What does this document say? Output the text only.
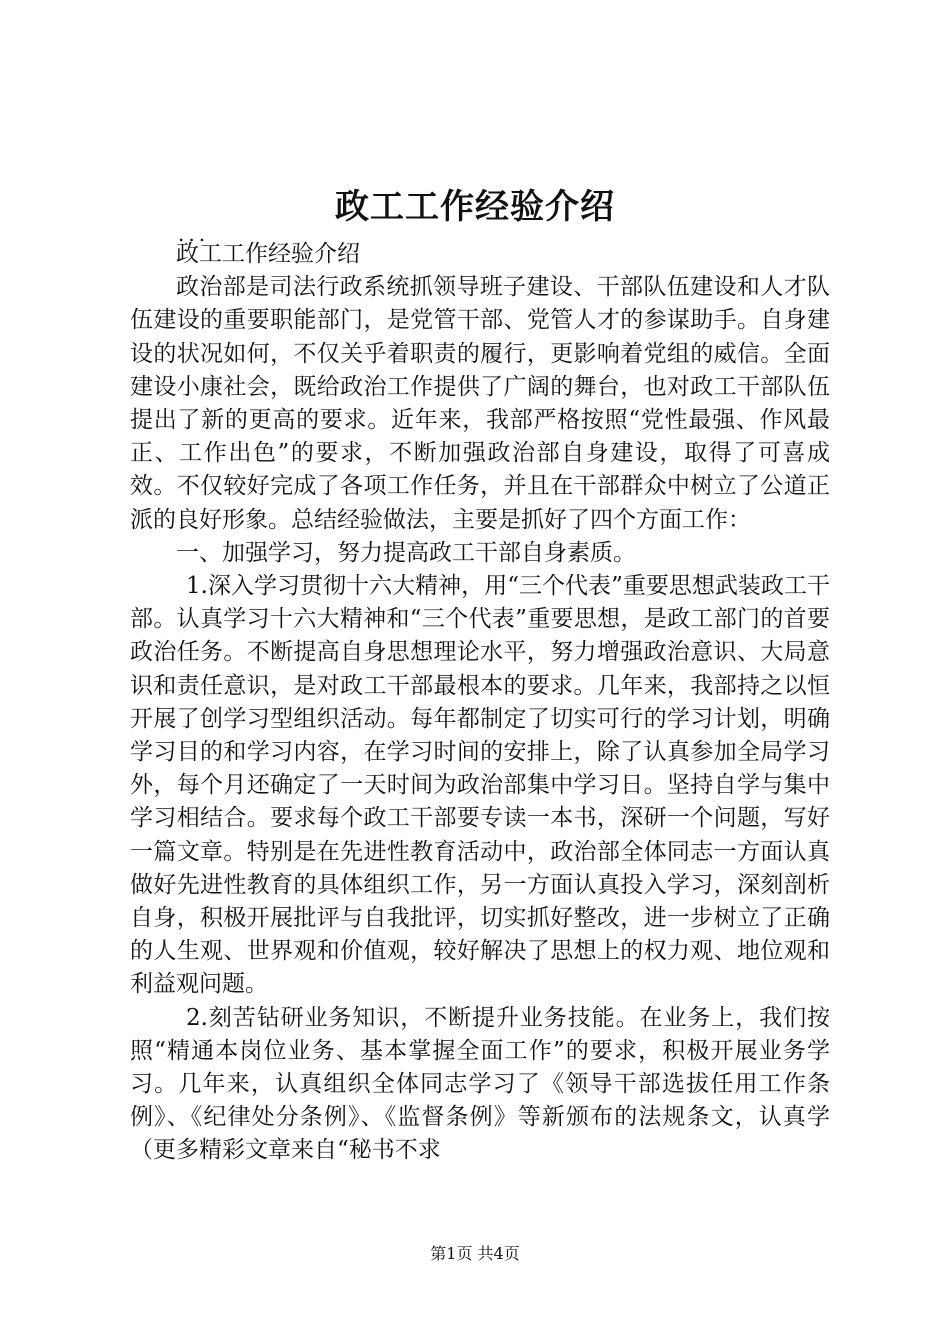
政工工作经验介绍
...

政工工作经验介绍

政治部是司法行政系统抓领导班子建设、干部队伍建设和人才队伍建设的重要职能部门，是党管干部、党管人才的参谋助手。自身建设的状况如何，不仅关乎着职责的履行，更影响着党组的威信。全面建设小康社会，既给政治工作提供了广阔的舞台，也对政工干部队伍提出了新的更高的要求。近年来，我部严格按照“党性最强、作风最正、工作出色”的要求，不断加强政治部自身建设，取得了可喜成效。不仅较好完成了各项工作任务，并且在干部群众中树立了公道正派的良好形象。总结经验做法，主要是抓好了四个方面工作：

一、加强学习，努力提高政工干部自身素质。

1.深入学习贯彻十六大精神，用“三个代表”重要思想武装政工干部。认真学习十六大精神和“三个代表”重要思想，是政工部门的首要政治任务。不断提高自身思想理论水平，努力增强政治意识、大局意识和责任意识，是对政工干部最根本的要求。几年来，我部持之以恒开展了创学习型组织活动。每年都制定了切实可行的学习计划，明确学习目的和学习内容，在学习时间的安排上，除了认真参加全局学习外，每个月还确定了一天时间为政治部集中学习日。坚持自学与集中学习相结合。要求每个政工干部要专读一本书，深研一个问题，写好一篇文章。特别是在先进性教育活动中，政治部全体同志一方面认真做好先进性教育的具体组织工作，另一方面认真投入学习，深刻剖析自身，积极开展批评与自我批评，切实抓好整改，进一步树立了正确的人生观、世界观和价值观，较好解决了思想上的权力观、地位观和利益观问题。

2.刻苦钻研业务知识，不断提升业务技能。在业务上，我们按照“精通本岗位业务、基本掌握全面工作”的要求，积极开展业务学习。几年来，认真组织全体同志学习了《领导干部选拔任用工作条例》、《纪律处分条例》、《监督条例》等新颁布的法规条文，认真学（更多精彩文章来自“秘书不求

第1页 共4页
